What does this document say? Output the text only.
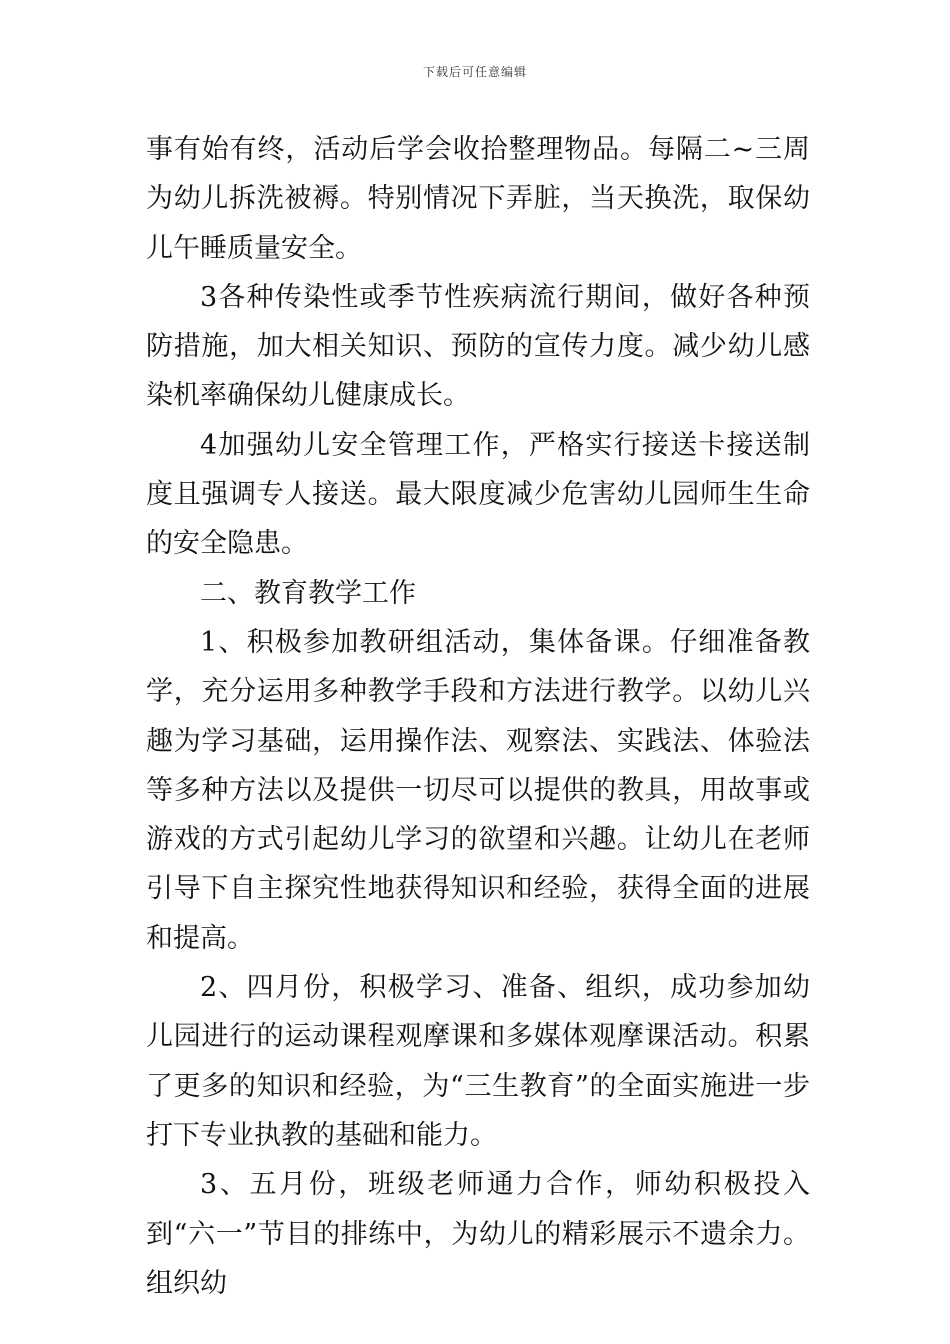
下载后可任意编辑

事有始有终，活动后学会收拾整理物品。每隔二~三周为幼儿拆洗被褥。特别情况下弄脏，当天换洗，取保幼儿午睡质量安全。

3各种传染性或季节性疾病流行期间，做好各种预防措施，加大相关知识、预防的宣传力度。减少幼儿感染机率确保幼儿健康成长。

4加强幼儿安全管理工作，严格实行接送卡接送制度且强调专人接送。最大限度减少危害幼儿园师生生命的安全隐患。

二、教育教学工作

1、积极参加教研组活动，集体备课。仔细准备教学，充分运用多种教学手段和方法进行教学。以幼儿兴趣为学习基础，运用操作法、观察法、实践法、体验法等多种方法以及提供一切尽可以提供的教具，用故事或游戏的方式引起幼儿学习的欲望和兴趣。让幼儿在老师引导下自主探究性地获得知识和经验，获得全面的进展和提高。

2、四月份，积极学习、准备、组织，成功参加幼儿园进行的运动课程观摩课和多媒体观摩课活动。积累了更多的知识和经验，为“三生教育”的全面实施进一步打下专业执教的基础和能力。

3、五月份，班级老师通力合作，师幼积极投入到“六一”节目的排练中，为幼儿的精彩展示不遗余力。组织幼
